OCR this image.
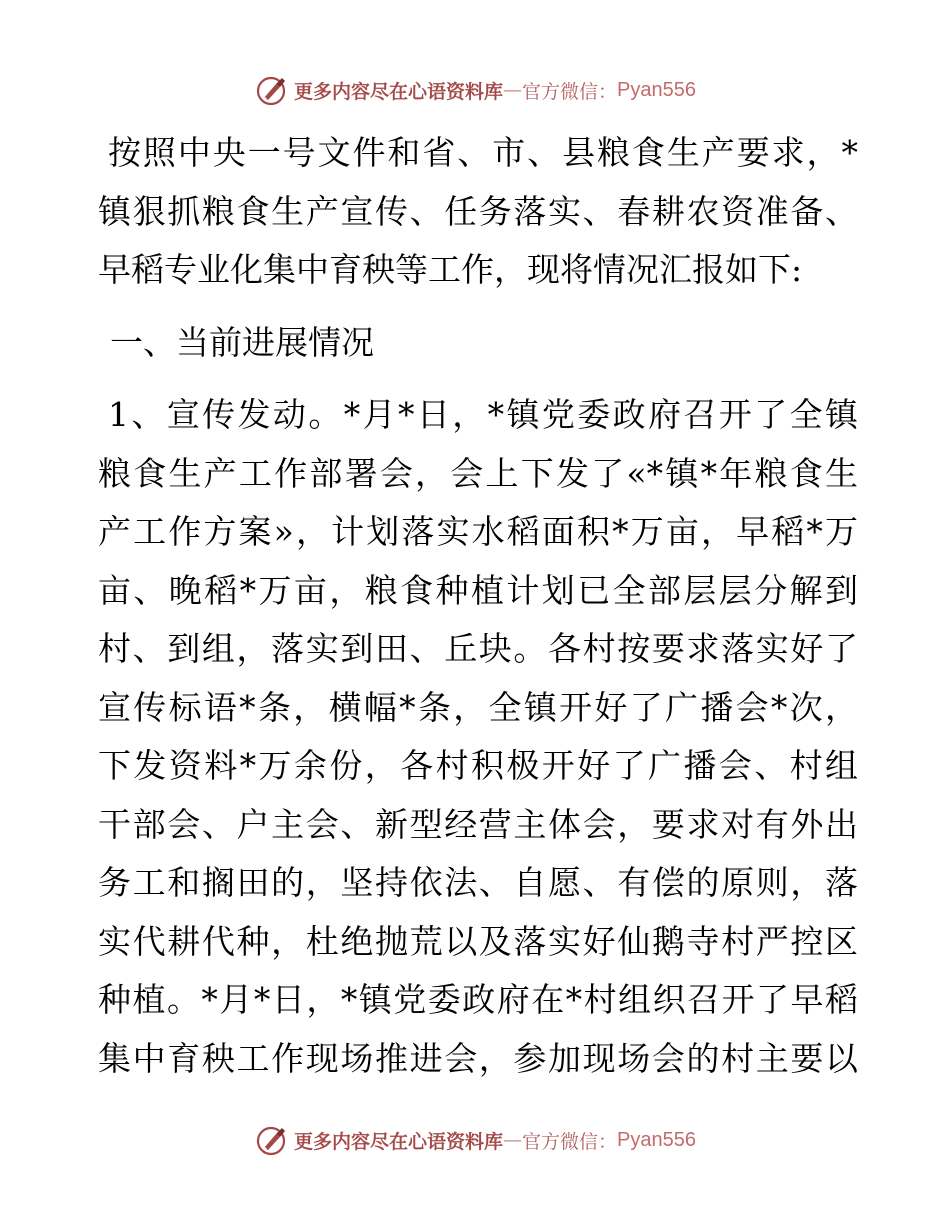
更多内容尽在心语资料库 — 官方微信： Pyan556
按照中央一号文件和省、市、县粮食生产要求，*
镇狠抓粮食生产宣传、任务落实、春耕农资准备、
早稻专业化集中育秧等工作，现将情况汇报如下:
一、当前进展情况
1、宣传发动。*月*日，*镇党委政府召开了全镇
粮食生产工作部署会，会上下发了«*镇*年粮食生
产工作方案»，计划落实水稻面积*万亩，早稻*万
亩、晚稻*万亩，粮食种植计划已全部层层分解到
村、到组，落实到田、丘块。各村按要求落实好了
宣传标语*条，横幅*条，全镇开好了广播会*次，
下发资料*万余份，各村积极开好了广播会、村组
干部会、户主会、新型经营主体会，要求对有外出
务工和搁田的，坚持依法、自愿、有偿的原则，落
实代耕代种，杜绝抛荒以及落实好仙鹅寺村严控区
种植。*月*日，*镇党委政府在*村组织召开了早稻
集中育秧工作现场推进会，参加现场会的村主要以
更多内容尽在心语资料库 — 官方微信： Pyan556
